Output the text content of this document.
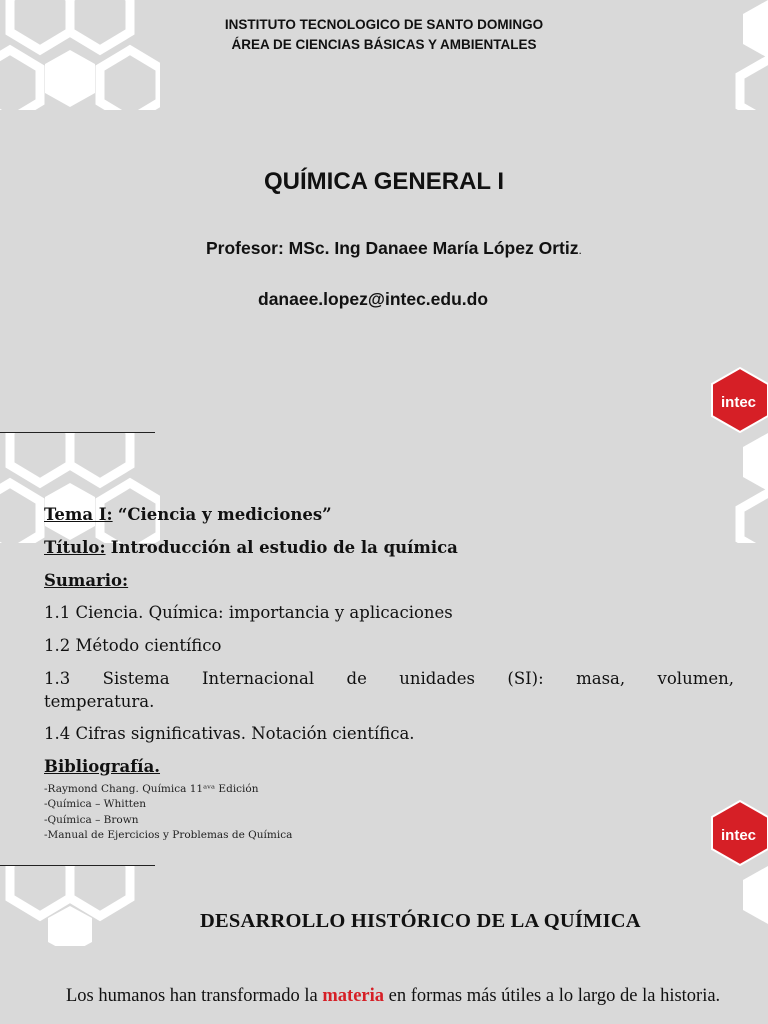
INSTITUTO TECNOLOGICO DE SANTO DOMINGO
ÁREA DE CIENCIAS BÁSICAS Y AMBIENTALES
QUÍMICA GENERAL I
Profesor: MSc. Ing Danaee María López Ortiz.
danaee.lopez@intec.edu.do
intec
Tema I: “Ciencia y mediciones”
Título: Introducción al estudio de la química
Sumario:
1.1 Ciencia. Química: importancia y aplicaciones
1.2 Método científico
1.3 Sistema Internacional de unidades (SI): masa, volumen,
temperatura.
1.4 Cifras significativas. Notación científica.
Bibliografía.
-Raymond Chang. Química 11ᵃᵛᵃ Edición
-Química – Whitten
-Química – Brown
-Manual de Ejercicios y Problemas de Química	intec
DESARROLLO HISTÓRICO DE LA QUÍMICA
Los humanos han transformado la materia en formas más útiles a lo largo de la historia.
